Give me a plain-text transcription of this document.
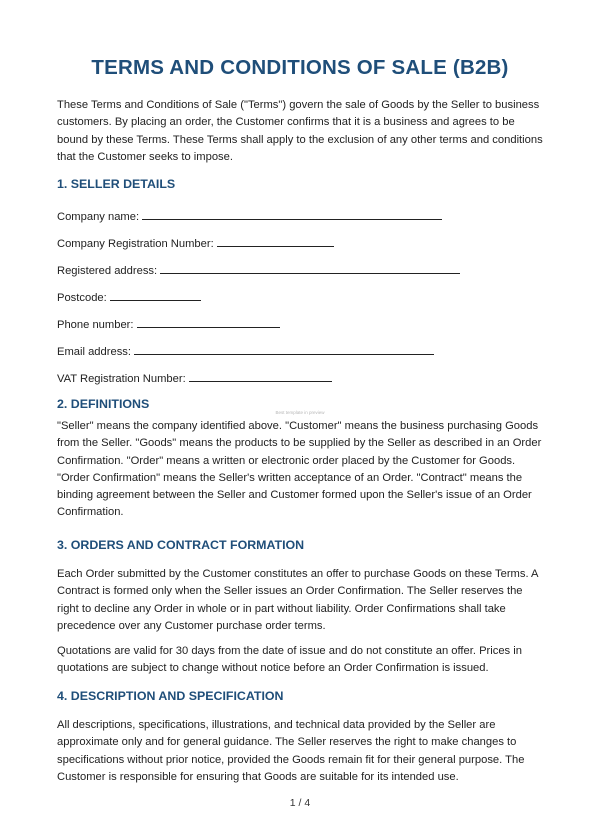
TERMS AND CONDITIONS OF SALE (B2B)

These Terms and Conditions of Sale ("Terms") govern the sale of Goods by the Seller to business customers. By placing an order, the Customer confirms that it is a business and agrees to be bound by these Terms. These Terms shall apply to the exclusion of any other terms and conditions that the Customer seeks to impose.

1. SELLER DETAILS

Company name:

Company Registration Number:

Registered address:

Postcode:

Phone number:

Email address:

VAT Registration Number:

2. DEFINITIONS
Best template in preview

"Seller" means the company identified above. "Customer" means the business purchasing Goods from the Seller. "Goods" means the products to be supplied by the Seller as described in an Order Confirmation. "Order" means a written or electronic order placed by the Customer for Goods. "Order Confirmation" means the Seller's written acceptance of an Order. "Contract" means the binding agreement between the Seller and Customer formed upon the Seller's issue of an Order Confirmation.

3. ORDERS AND CONTRACT FORMATION

Each Order submitted by the Customer constitutes an offer to purchase Goods on these Terms. A Contract is formed only when the Seller issues an Order Confirmation. The Seller reserves the right to decline any Order in whole or in part without liability. Order Confirmations shall take precedence over any Customer purchase order terms.

Quotations are valid for 30 days from the date of issue and do not constitute an offer. Prices in quotations are subject to change without notice before an Order Confirmation is issued.

4. DESCRIPTION AND SPECIFICATION

All descriptions, specifications, illustrations, and technical data provided by the Seller are approximate only and for general guidance. The Seller reserves the right to make changes to specifications without prior notice, provided the Goods remain fit for their general purpose. The Customer is responsible for ensuring that Goods are suitable for its intended use.

1 / 4
